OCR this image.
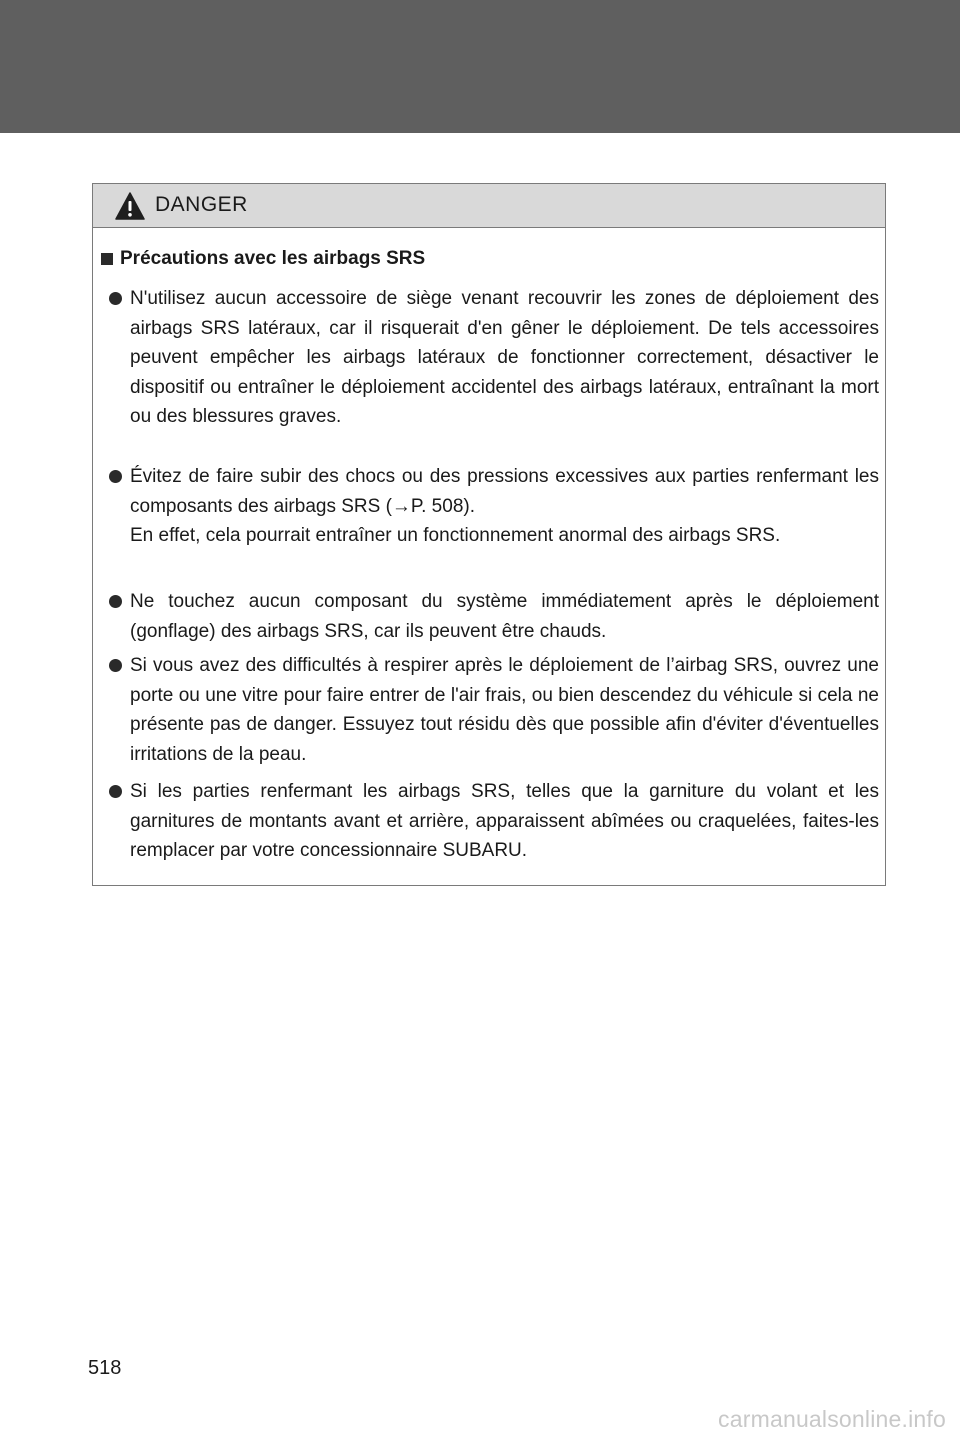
DANGER
Précautions avec les airbags SRS

N'utilisez aucun accessoire de siège venant recouvrir les zones de déploiement des airbags SRS latéraux, car il risquerait d'en gêner le déploiement. De tels accessoires peuvent empêcher les airbags latéraux de fonctionner correctement, désactiver le dispositif ou entraîner le déploiement accidentel des airbags latéraux, entraînant la mort ou des blessures graves.

Évitez de faire subir des chocs ou des pressions excessives aux parties renfermant les composants des airbags SRS (→P. 508).

En effet, cela pourrait entraîner un fonctionnement anormal des airbags SRS.

Ne touchez aucun composant du système immédiatement après le déploiement (gonflage) des airbags SRS, car ils peuvent être chauds.

Si vous avez des difficultés à respirer après le déploiement de l’airbag SRS, ouvrez une porte ou une vitre pour faire entrer de l'air frais, ou bien descendez du véhicule si cela ne présente pas de danger. Essuyez tout résidu dès que possible afin d'éviter d'éventuelles irritations de la peau.

Si les parties renfermant les airbags SRS, telles que la garniture du volant et les garnitures de montants avant et arrière, apparaissent abîmées ou craquelées, faites-les remplacer par votre concessionnaire SUBARU.

518
carmanualsonline.info
